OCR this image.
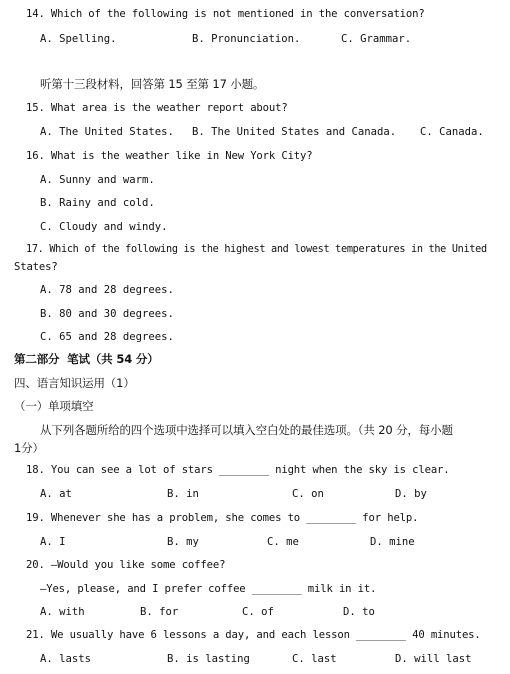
14. Which of the following is not mentioned in the conversation?
A. Spelling.	B. Pronunciation.	C. Grammar.
听第十三段材料，回答第 15 至第 17 小题。
15. What area is the weather report about?
A. The United States. B. The United States and Canada. C. Canada.
16. What is the weather like in New York City?
A. Sunny and warm.
B. Rainy and cold.
C. Cloudy and windy.
17. Which of the following is the highest and lowest temperatures in the United
States?
A. 78 and 28 degrees.
B. 80 and 30 degrees.
C. 65 and 28 degrees.
第二部分  笔试（共 54 分）
四、语言知识运用（1）
（一）单项填空
从下列各题所给的四个选项中选择可以填入空白处的最佳选项。（共 20 分，每小题
1分）
18. You can see a lot of stars ________ night when the sky is clear.
A. at	B. in	C. on	D. by
19. Whenever she has a problem, she comes to ________ for help.
A. I	B. my	C. me	D. mine
20. —Would you like some coffee?
—Yes, please, and I prefer coffee ________ milk in it.
A. with	B. for	C. of	D. to
21. We usually have 6 lessons a day, and each lesson ________ 40 minutes.
A. lasts	B. is lasting	C. last	D. will last
